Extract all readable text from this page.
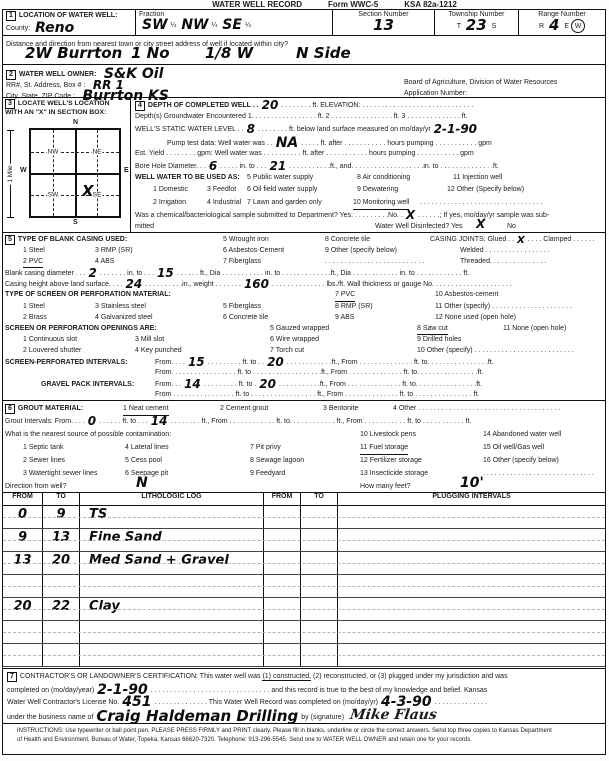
WATER WELL RECORD	Form WWC-5	KSA 82a-1212
1 LOCATION OF WATER WELL:
County: Reno
Fraction
SW ¼ NW ¼ SE ¼
Section Number
13
Township Number
T 23 S
Range Number
R 4 E W
Distance and direction from nearest town or city street address of well if located within city?
2W Burrton 1 No 1/8 W	N Side
2 WATER WELL OWNER: S&K Oil
RR#, St. Address, Box # : RR 1	Board of Agriculture, Division of Water Resources
City, State, ZIP Code : Burrton KS	Application Number:
3 LOCATE WELL'S LOCATION WITH AN "X" IN SECTION BOX:
1 Mile
N
S
W	E
NW	NE
SW	SE
X
4 DEPTH OF COMPLETED WELL . . 20 . . . . . . . . ft. ELEVATION: . . . . . . . . . . . . . . . . . . . . . . . . . . . . .
Depth(s) Groundwater Encountered 1. . . . . . . . . . . . . . . . . ft. 2 . . . . . . . . . . . . . . . . ft. 3 . . . . . . . . . . . . . . ft.
WELL'S STATIC WATER LEVEL . . 8 . . . . . . . . ft. below land surface measured on mo/day/yr 2-1-90
Pump test data: Well water was . . NA . . . . . ft. after . . . . . . . . . . . hours pumping . . . . . . . . . . . gpm
Est. Yield . . . . . . . . gpm: Well water was . . . . . . . . . . ft. after . . . . . . . . . . . hours pumping . . . . . . . . . . . gpm
Bore Hole Diameter. . . 6 . . . . . in. to . . . 21 . . . . . . . . . . .ft., and. . . . . . . . . . . . . . . . . . .in. to . . . . . . . . . . . . . .ft.
WELL WATER TO BE USED AS: 5 Public water supply	8 Air conditioning	11 Injection well
1 Domestic	3 Feedlot 6 Oil field water supply	9 Dewatering	12 Other (Specify below)
2 Irrigation	4 Industrial 7 Lawn and garden only	10 Monitoring well . . . . . . . . . . . . . . . . . . . . . . . . . . . . . . . .
Was a chemical/bacteriological sample submitted to Department? Yes. . . . . . . . . .No. . X . . . . . .; If yes, mo/day/yr sample was sub-
mitted	Water Well Disinfected? Yes X	No
5 TYPE OF BLANK CASING USED:	5 Wrought iron	8 Concrete tile	CASING JOINTS: Glued . . X . . . . Clamped . . . . . .
1 Steel	3 RMP (SR)	6 Asbestos-Cement	9 Other (specify below)	Welded . . . . . . . . . . . . . . . . .
2 PVC	4 ABS	7 Fiberglass	. . . . . . . . . . . . . . . . . . . . . . . . . .	Threaded. . . . . . . . . . . . . . .
Blank casing diameter . . . 2 . . . . . . . in. to . . . 15 . . . . . . ft., Dia . . . . . . . . . . . in. to . . . . . . . . . . . . .ft., Dia . . . . . . . . . . . . in. to . . . . . . . . . . . . ft.
Casing height above land surface. . . . 24 . . . . . . . . . .in., weight . . . . . . . 160 . . . . . . . . . . . . . . lbs./ft. Wall thickness or gauge No. . . . . . . . . . . . . . . . . . . . .
TYPE OF SCREEN OR PERFORATION MATERIAL:	7 PVC	10 Asbestos-cement
1 Steel	3 Stainless steel	5 Fiberglass	8 RMP (SR)	11 Other (specify) . . . . . . . . . . . . . . . . . . . . .
2 Brass	4 Galvanized steel	6 Concrete tile	9 ABS	12 None used (open hole)
SCREEN OR PERFORATION OPENINGS ARE:	5 Gauzed wrapped	8 Saw cut	11 None (open hole)
1 Continuous slot	3 Mill slot	6 Wire wrapped	9 Drilled holes
2 Louvered shutter	4 Key punched	7 Torch cut	10 Other (specify) . . . . . . . . . . . . . . . . . . . . . . . . . .
SCREEN-PERFORATED INTERVALS:	From. . . . 15 . . . . . . . . . ft. to . . 20 . . . . . . . . . . . .ft., From . . . . . . . . . . . . . . ft. to. . . . . . . . . . . . . . . .ft.
From. . . . . . . . . . . . . . . . . ft. to . . . . . . . . . . . . . . . . . .ft., From . . . . . . . . . . . . . . ft. to. . . . . . . . . . . . . . . .ft.
GRAVEL PACK INTERVALS:	From. . . 14 . . . . . . . . . ft. to . 20 . . . . . . . . . . .ft., From . . . . . . . . . . . . . . ft. to. . . . . . . . . . . . . . . .ft.
From . . . . . . . . . . . . . . . . ft. to . . . . . . . . . . . . . . . . . ft., From . . . . . . . . . . . . . . ft. to . . . . . . . . . . . . . . . ft.
6 GROUT MATERIAL:	1 Neat cement	2 Cement grout	3 Bentonite	4 Other . . . . . . . . . . . . . . . . . . . . . . . . . . . . . . . . . . . . .
Grout Intervals: From. . . . 0 . . . . . . ft. to . . . 14 . . . . . . . . ft., From . . . . . . . . . . . . ft. to. . . . . . . . . . . . ft., From . . . . . . . . . . . ft. to . . . . . . . . . . . ft.
What is the nearest source of possible contamination:	10 Livestock pens	14 Abandoned water well
1 Septic tank	4 Lateral lines	7 Pit privy	11 Fuel storage	15 Oil well/Gas well
2 Sewer lines	5 Cess pool	8 Sewage lagoon	12 Fertilizer storage	16 Other (specify below)
3 Watertight sewer lines	6 Seepage pit	9 Feedyard	13 Insecticide storage	. . . . . . . . . . . . . . . . . . . . . . . . . . . . .
Direction from well?	N	How many feet?	10'
FROM	TO	LITHOLOGIC LOG	FROM	TO	PLUGGING INTERVALS
0	9	TS
9	13	Fine Sand
13	20	Med Sand + Gravel
20	22	Clay
7 CONTRACTOR'S OR LANDOWNER'S CERTIFICATION: This water well was (1) constructed, (2) reconstructed, or (3) plugged under my jurisdiction and was
completed on (mo/day/year) 2-1-90 . . . . . . . . . . . . . . . . . . . . . . . . . . . . . . . and this record is true to the best of my knowledge and belief. Kansas
Water Well Contractor's License No. 451 . . . . . . . . . . . . . . This Water Well Record was completed on (mo/day/yr) 4-3-90 . . . . . . . . . . . . . .
under the business name of Craig Haldeman Drilling by (signature) Mike Flaus
INSTRUCTIONS: Use typewriter or ball point pen. PLEASE PRESS FIRMLY and PRINT clearly. Please fill in blanks, underline or circle the correct answers. Send top three copies to Kansas Department
of Health and Environment, Bureau of Water, Topeka, Kansas 66620-7320. Telephone: 913-296-5545. Send one to WATER WELL OWNER and retain one for your records.
